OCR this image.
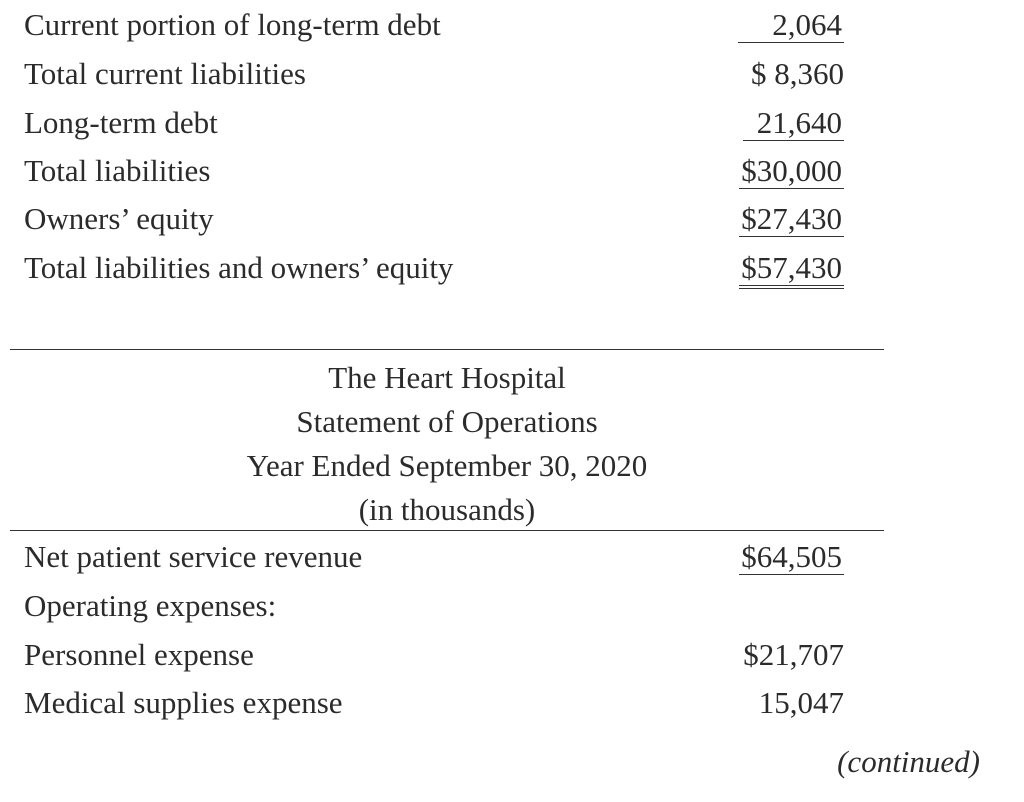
Current portion of long-term debt	2,064
Total current liabilities	$ 8,360
Long-term debt	21,640
Total liabilities	$30,000
Owners’ equity	$27,430
Total liabilities and owners’ equity	$57,430
The Heart Hospital
Statement of Operations
Year Ended September 30, 2020
(in thousands)
Net patient service revenue	$64,505
Operating expenses:
Personnel expense	$21,707
Medical supplies expense	15,047
(continued)
